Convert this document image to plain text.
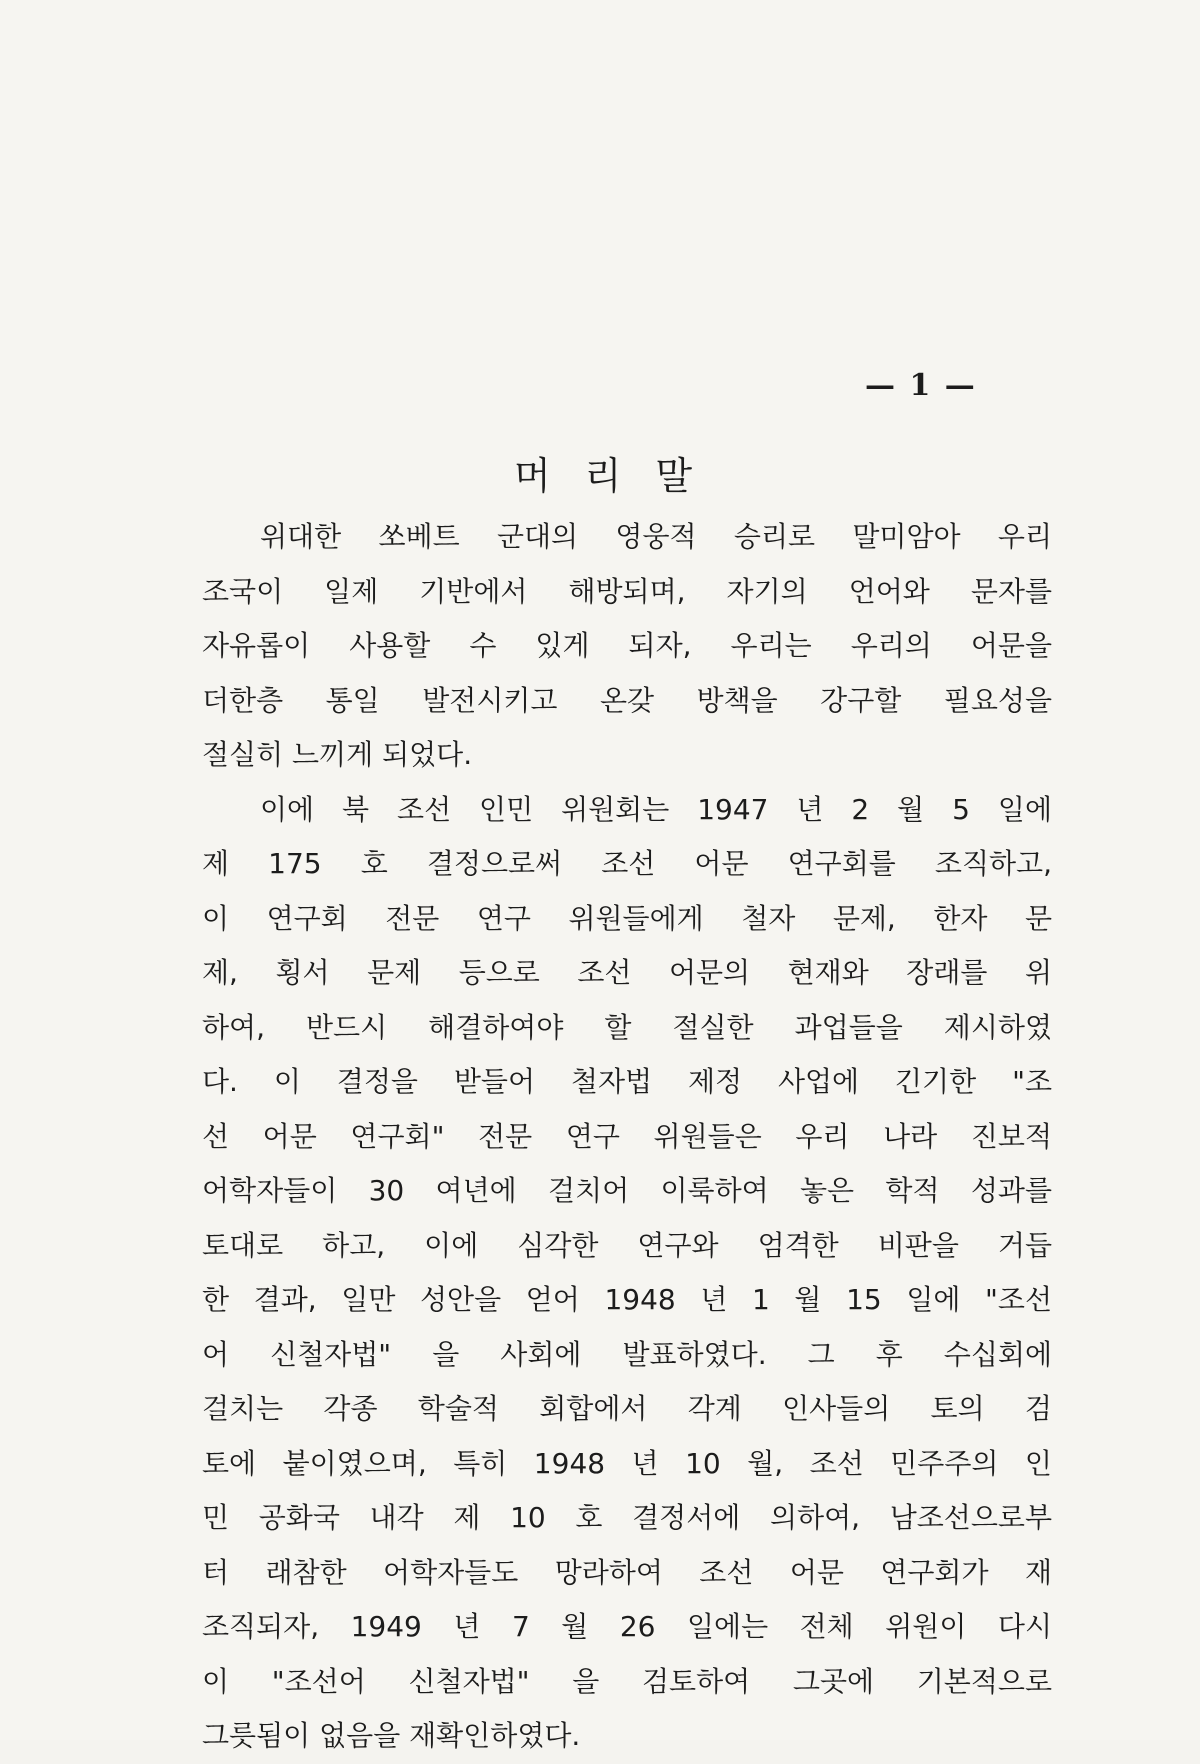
— 1 —
머리말

위대한 쏘베트 군대의 영웅적 승리로 말미암아 우리

조국이 일제 기반에서 해방되며, 자기의 언어와 문자를

자유롭이 사용할 수 있게 되자, 우리는 우리의 어문을

더한층 통일 발전시키고 온갖 방책을 강구할 필요성을

절실히 느끼게 되었다.

이에 북 조선 인민 위원회는 1947 년 2 월 5 일에

제 175 호 결정으로써 조선 어문 연구회를 조직하고,

이 연구회 전문 연구 위원들에게 철자 문제, 한자 문

제, 횡서 문제 등으로 조선 어문의 현재와 장래를 위

하여, 반드시 해결하여야 할 절실한 과업들을 제시하였

다. 이 결정을 받들어 철자법 제정 사업에 긴기한 "조

선 어문 연구회" 전문 연구 위원들은 우리 나라 진보적

어학자들이 30 여년에 걸치어 이룩하여 놓은 학적 성과를

토대로 하고, 이에 심각한 연구와 엄격한 비판을 거듭

한 결과, 일만 성안을 얻어 1948 년 1 월 15 일에 "조선

어 신철자법" 을 사회에 발표하였다. 그 후 수십회에

걸치는 각종 학술적 회합에서 각계 인사들의 토의 검

토에 붙이였으며, 특히 1948 년 10 월, 조선 민주주의 인

민 공화국 내각 제 10 호 결정서에 의하여, 남조선으로부

터 래참한 어학자들도 망라하여 조선 어문 연구회가 재

조직되자, 1949 년 7 월 26 일에는 전체 위원이 다시

이 "조선어 신철자법" 을 검토하여 그곳에 기본적으로

그릇됨이 없음을 재확인하였다.
